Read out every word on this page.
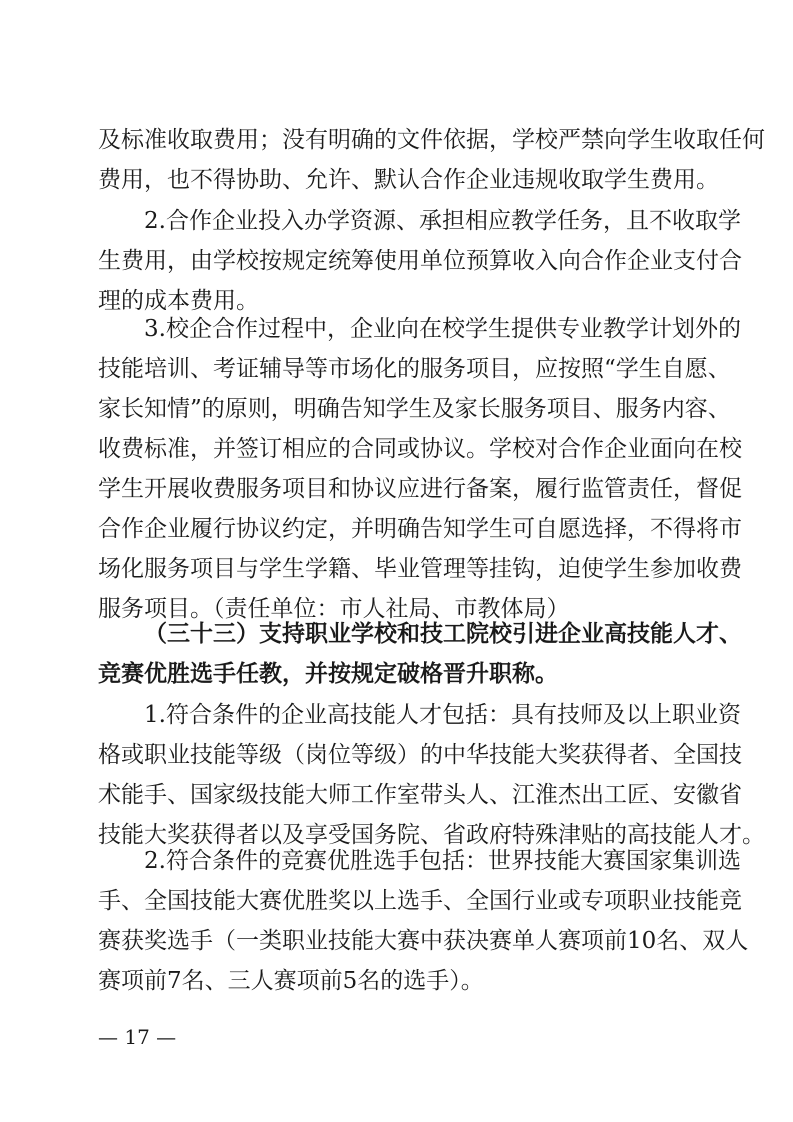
及标准收取费用；没有明确的文件依据，学校严禁向学生收取任何
费用，也不得协助、允许、默认合作企业违规收取学生费用。
2.合作企业投入办学资源、承担相应教学任务，且不收取学
生费用，由学校按规定统筹使用单位预算收入向合作企业支付合
理的成本费用。
3.校企合作过程中，企业向在校学生提供专业教学计划外的
技能培训、考证辅导等市场化的服务项目，应按照“学生自愿、
家长知情”的原则，明确告知学生及家长服务项目、服务内容、
收费标准，并签订相应的合同或协议。学校对合作企业面向在校
学生开展收费服务项目和协议应进行备案，履行监管责任，督促
合作企业履行协议约定，并明确告知学生可自愿选择，不得将市
场化服务项目与学生学籍、毕业管理等挂钩，迫使学生参加收费
服务项目。（责任单位：市人社局、市教体局）
（三十三）支持职业学校和技工院校引进企业高技能人才、
竞赛优胜选手任教，并按规定破格晋升职称。
1.符合条件的企业高技能人才包括：具有技师及以上职业资
格或职业技能等级（岗位等级）的中华技能大奖获得者、全国技
术能手、国家级技能大师工作室带头人、江淮杰出工匠、安徽省
技能大奖获得者以及享受国务院、省政府特殊津贴的高技能人才。
2.符合条件的竞赛优胜选手包括：世界技能大赛国家集训选
手、全国技能大赛优胜奖以上选手、全国行业或专项职业技能竞
赛获奖选手（一类职业技能大赛中获决赛单人赛项前10名、双人
赛项前7名、三人赛项前5名的选手）。
— 17 —
